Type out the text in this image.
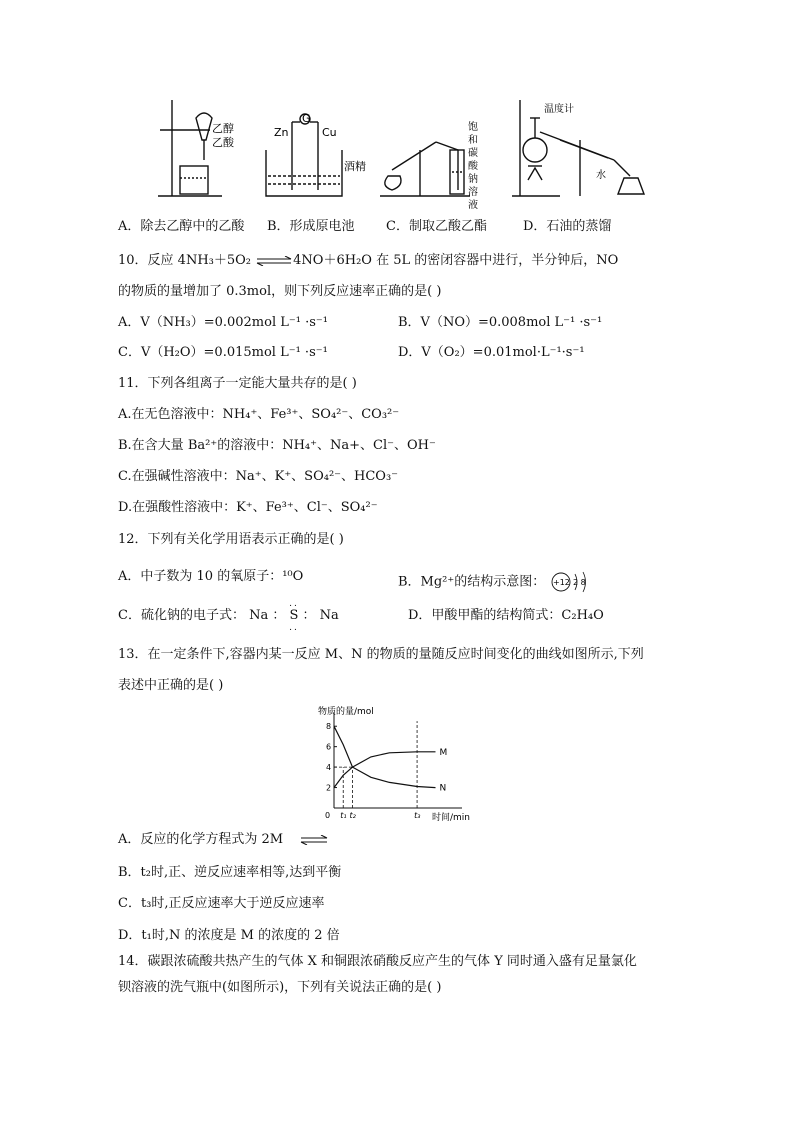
乙醇
乙酸
Zn	Cu
G
酒精
饱
和
碳
酸
钠
溶
液
温度计
水
A．除去乙醇中的乙酸 B．形成原电池 C．制取乙酸乙酯	D．石油的蒸馏
10．反应 4NH₃＋5O₂ ⇌4NO＋6H₂O 在 5L 的密闭容器中进行，半分钟后，NO
的物质的量增加了 0.3mol，则下列反应速率正确的是( )
A．V（NH₃）=0.002mol L⁻¹ ·s⁻¹	B．V（NO）=0.008mol L⁻¹ ·s⁻¹
C．V（H₂O）=0.015mol L⁻¹ ·s⁻¹	D．V（O₂）=0.01mol·L⁻¹·s⁻¹
11．下列各组离子一定能大量共存的是( )
A.在无色溶液中：NH₄⁺、Fe³⁺、SO₄²⁻、CO₃²⁻
B.在含大量 Ba²⁺的溶液中：NH₄⁺、Na+、Cl⁻、OH⁻
C.在强碱性溶液中：Na⁺、K⁺、SO₄²⁻、HCO₃⁻
D.在强酸性溶液中：K⁺、Fe³⁺、Cl⁻、SO₄²⁻
12．下列有关化学用语表示正确的是( )
A．中子数为 10 的氧原子：¹⁰O	B．Mg²⁺的结构示意图： +12 2 8
C．硫化钠的电子式： Na ： S ： Na
..
..
D．甲酸甲酯的结构简式：C₂H₄O
13．在一定条件下,容器内某一反应 M、N 的物质的量随反应时间变化的曲线如图所示,下列
表述中正确的是( )
物质的量/mol
时间/min
0
2
4
6
8
t₁ t₂	t₃
M
N
A．反应的化学方程式为 2M ⇌
B．t₂时,正、逆反应速率相等,达到平衡
C．t₃时,正反应速率大于逆反应速率
D．t₁时,N 的浓度是 M 的浓度的 2 倍
14．碳跟浓硫酸共热产生的气体 X 和铜跟浓硝酸反应产生的气体 Y 同时通入盛有足量氯化
钡溶液的洗气瓶中(如图所示)，下列有关说法正确的是( )
